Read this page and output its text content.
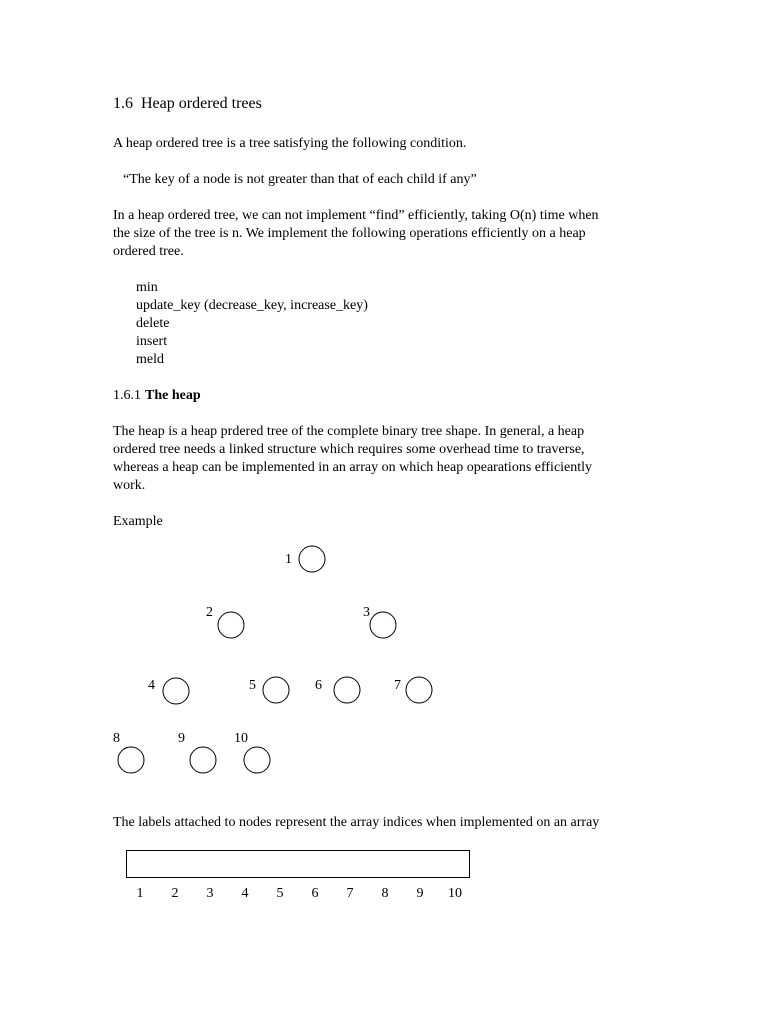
1.6 Heap ordered trees
A heap ordered tree is a tree satisfying the following condition.
“The key of a node is not greater than that of each child if any”
In a heap ordered tree, we can not implement “find” efficiently, taking O(n) time when
the size of the tree is n. We implement the following operations efficiently on a heap
ordered tree.
min
update_key (decrease_key, increase_key)
delete
insert
meld
1.6.1 The heap
The heap is a heap prdered tree of the complete binary tree shape. In general, a heap
ordered tree needs a linked structure which requires some overhead time to traverse,
whereas a heap can be implemented in an array on which heap opearations efficiently
work.
Example
1
2	3
4	5	6	7
8	9	10
The labels attached to nodes represent the array indices when implemented on an array
1	2	3	4	5	6	7	8	9	10
